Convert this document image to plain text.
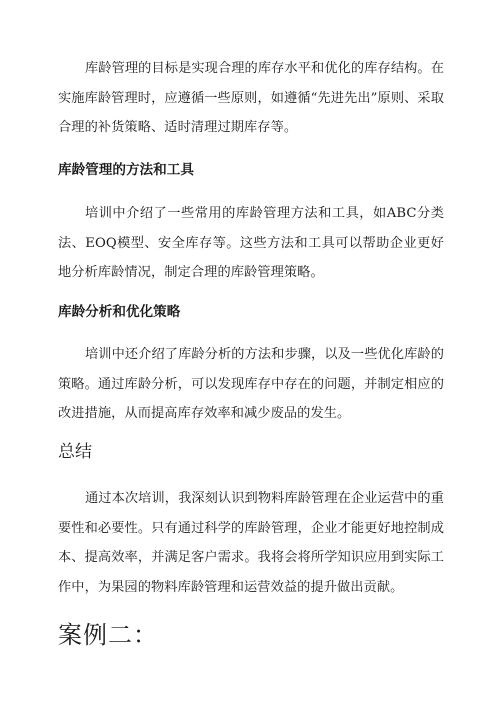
库龄管理的目标是实现合理的库存水平和优化的库存结构。在实施库龄管理时，应遵循一些原则，如遵循“先进先出”原则、采取合理的补货策略、适时清理过期库存等。

库龄管理的方法和工具

培训中介绍了一些常用的库龄管理方法和工具，如ABC分类法、EOQ模型、安全库存等。这些方法和工具可以帮助企业更好地分析库龄情况，制定合理的库龄管理策略。

库龄分析和优化策略

培训中还介绍了库龄分析的方法和步骤，以及一些优化库龄的策略。通过库龄分析，可以发现库存中存在的问题，并制定相应的改进措施，从而提高库存效率和减少废品的发生。

总结

通过本次培训，我深刻认识到物料库龄管理在企业运营中的重要性和必要性。只有通过科学的库龄管理，企业才能更好地控制成本、提高效率，并满足客户需求。我将会将所学知识应用到实际工作中，为果园的物料库龄管理和运营效益的提升做出贡献。

案例二：
